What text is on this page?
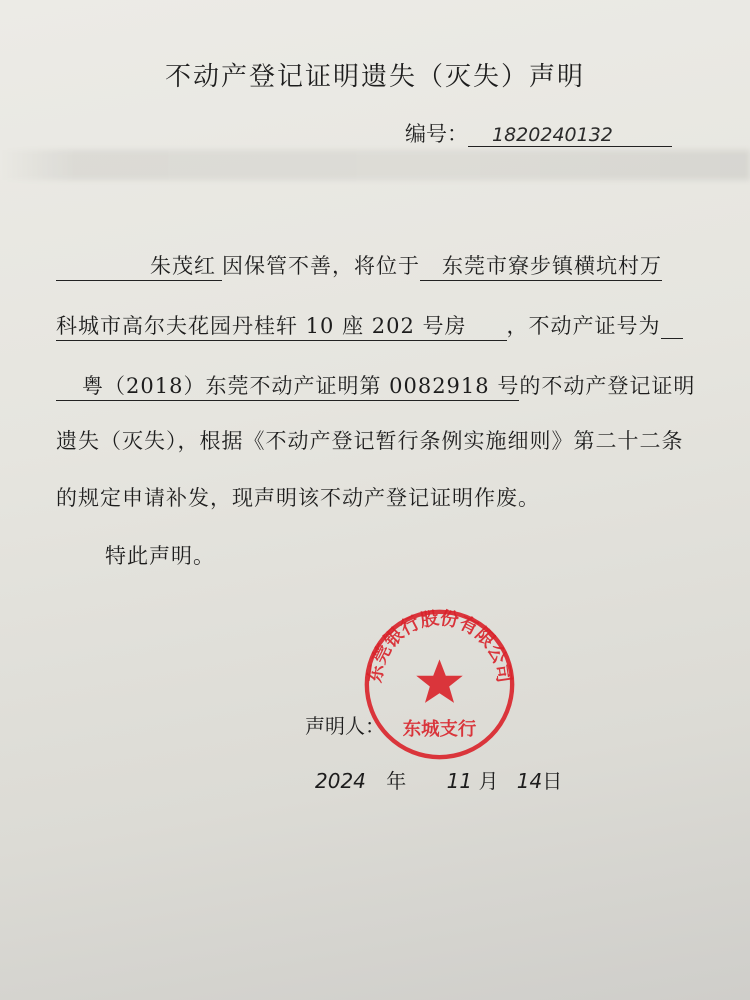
不动产登记证明遗失（灭失）声明
编号： 1820240132
朱茂红 因保管不善，将位于 东莞市寮步镇横坑村万
科城市高尔夫花园丹桂轩 10 座 202 号房 ，不动产证号为
粤（2018）东莞不动产证明第 0082918 号的不动产登记证明
遗失（灭失），根据《不动产登记暂行条例实施细则》第二十二条
的规定申请补发，现声明该不动产登记证明作废。
特此声明。
东莞银行股份有限公司
东城支行
声明人：
2024 年 11 月 14日
